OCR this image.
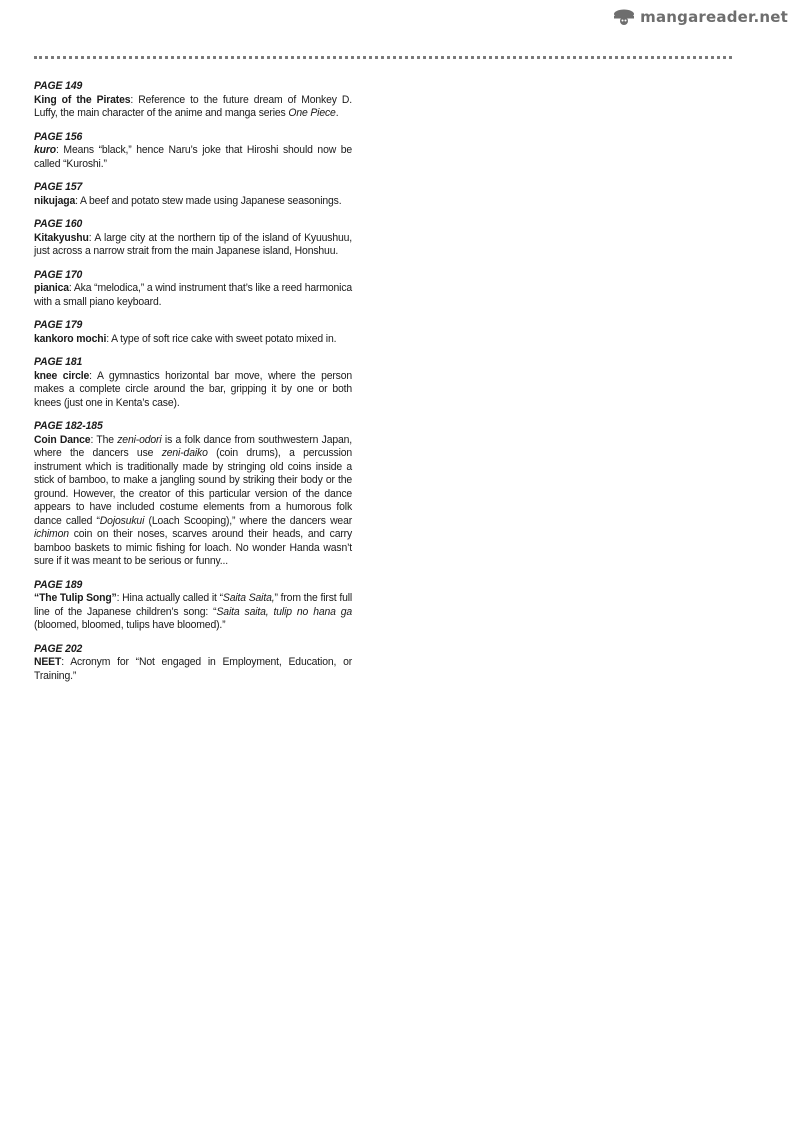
mangareader.net
PAGE 149
King of the Pirates: Reference to the future dream of Monkey D. Luffy, the main character of the anime and manga series One Piece.
PAGE 156
kuro: Means “black,” hence Naru’s joke that Hiroshi should now be called “Kuroshi.”
PAGE 157
nikujaga: A beef and potato stew made using Japanese seasonings.
PAGE 160
Kitakyushu: A large city at the northern tip of the island of Kyuushuu, just across a narrow strait from the main Japanese island, Honshuu.
PAGE 170
pianica: Aka “melodica,” a wind instrument that’s like a reed harmonica with a small piano keyboard.
PAGE 179
kankoro mochi: A type of soft rice cake with sweet potato mixed in.
PAGE 181
knee circle: A gymnastics horizontal bar move, where the person makes a complete circle around the bar, gripping it by one or both knees (just one in Kenta’s case).
PAGE 182-185
Coin Dance: The zeni-odori is a folk dance from southwestern Japan, where the dancers use zeni-daiko (coin drums), a percussion instrument which is traditionally made by stringing old coins inside a stick of bamboo, to make a jangling sound by striking their body or the ground. However, the creator of this particular version of the dance appears to have included costume elements from a humorous folk dance called “Dojosukui (Loach Scooping),” where the dancers wear ichimon coin on their noses, scarves around their heads, and carry bamboo baskets to mimic fishing for loach. No wonder Handa wasn’t sure if it was meant to be serious or funny...
PAGE 189
“The Tulip Song”: Hina actually called it “Saita Saita,” from the first full line of the Japanese children’s song: “Saita saita, tulip no hana ga (bloomed, bloomed, tulips have bloomed).”
PAGE 202
NEET: Acronym for “Not engaged in Employment, Education, or Training.”
